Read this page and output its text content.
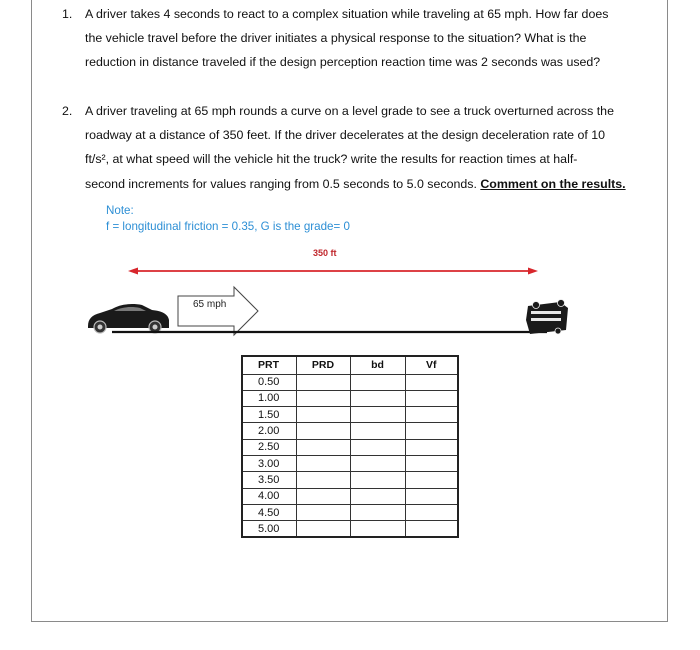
1. A driver takes 4 seconds to react to a complex situation while traveling at 65 mph. How far does
the vehicle travel before the driver initiates a physical response to the situation? What is the
reduction in distance traveled if the design perception reaction time was 2 seconds was used?
2. A driver traveling at 65 mph rounds a curve on a level grade to see a truck overturned across the
roadway at a distance of 350 feet. If the driver decelerates at the design deceleration rate of 10
ft/s², at what speed will the vehicle hit the truck? write the results for reaction times at half-
second increments for values ranging from 0.5 seconds to 5.0 seconds. Comment on the results.
Note:
f = longitudinal friction = 0.35, G is the grade= 0
350 ft
65 mph
PRT	PRD	bd	Vf
0.50			
1.00			
1.50			
2.00			
2.50			
3.00			
3.50			
4.00			
4.50			
5.00			
